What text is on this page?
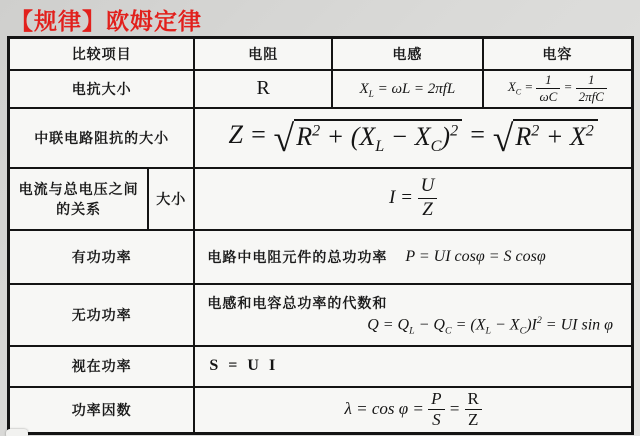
【规律】欧姆定律
比较项目		电阻	电感	电容
电抗大小	R	$X_L = \omega L = 2\pi fL$	$X_C = \frac{1}{\omega C} = \frac{1}{\text{2πfC}}$

中联电路阻抗的大小	Z = √ $R^2 + (X_L - X_C)^2$ = √ $R^2 + X^2$

电流与总电压之间的关系	大小	$I = \frac{U}{Z}$

有功功率		电路中电阻元件的总功功率 P = UI cosφ = S cosφ		

无功功率		电感和电容总功率的代数和
$Q = Q_L - Q_C = (X_L - X_C)I^2$ = UI sin φ		

视在功率		S = U I		

功率因数	$\lambda = \cos \varphi = \frac{P}{S} = \frac{R}{Z}$
